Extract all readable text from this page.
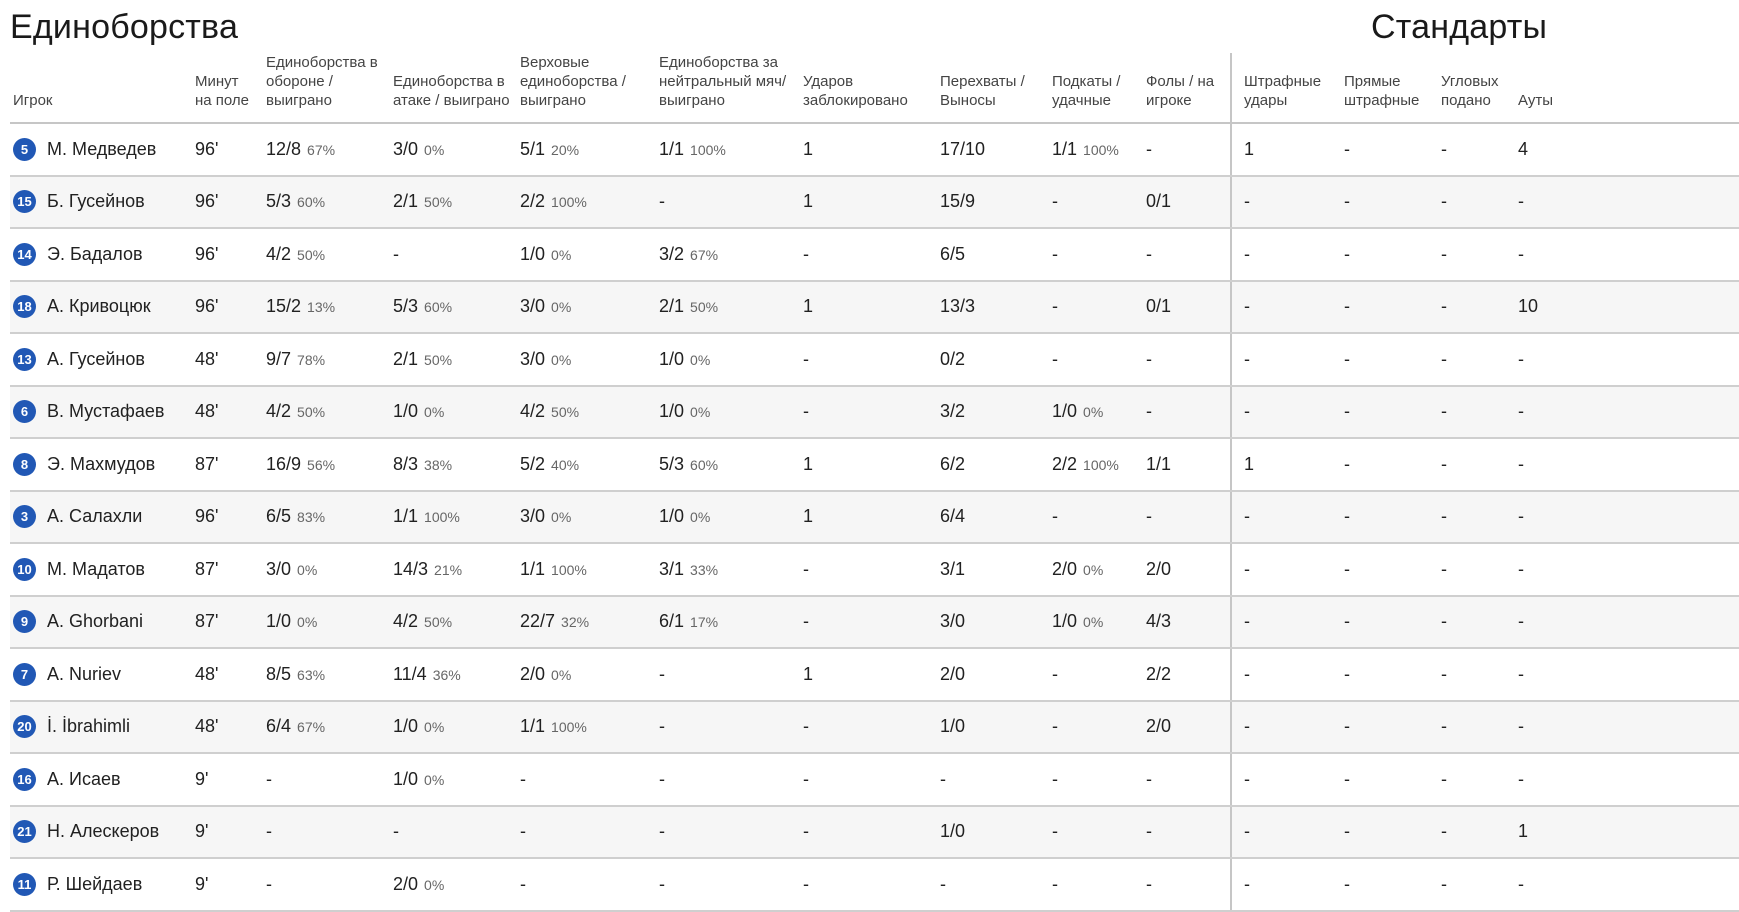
Единоборства	Стандарты
Игрок	Минут на поле	Единоборства в обороне / выиграно	Единоборства в атаке / выиграно	Верховые единоборства / выиграно	Единоборства за нейтральный мяч/выиграно	Ударов заблокировано	Перехваты / Выносы	Подкаты / удачные	Фолы / на игроке	Штрафные удары	Прямые штрафные	Угловых подано	Ауты
5 М. Медведев	96'	12/8 67%	3/0 0%	5/1 20%	1/1 100%	1	17/10	1/1 100%	-	1	-	-	4
15 Б. Гусейнов	96'	5/3 60%	2/1 50%	2/2 100%	-	1	15/9	-	0/1	-	-	-	-
14 Э. Бадалов	96'	4/2 50%	-	1/0 0%	3/2 67%	-	6/5	-	-	-	-	-	-
18 А. Кривоцюк	96'	15/2 13%	5/3 60%	3/0 0%	2/1 50%	1	13/3	-	0/1	-	-	-	10
13 А. Гусейнов	48'	9/7 78%	2/1 50%	3/0 0%	1/0 0%	-	0/2	-	-	-	-	-	-
6 В. Мустафаев	48'	4/2 50%	1/0 0%	4/2 50%	1/0 0%	-	3/2	1/0 0%	-	-	-	-	-
8 Э. Махмудов	87'	16/9 56%	8/3 38%	5/2 40%	5/3 60%	1	6/2	2/2 100%	1/1	1	-	-	-
3 А. Салахли	96'	6/5 83%	1/1 100%	3/0 0%	1/0 0%	1	6/4	-	-	-	-	-	-
10 М. Мадатов	87'	3/0 0%	14/3 21%	1/1 100%	3/1 33%	-	3/1	2/0 0%	2/0	-	-	-	-
9 A. Ghorbani	87'	1/0 0%	4/2 50%	22/7 32%	6/1 17%	-	3/0	1/0 0%	4/3	-	-	-	-
7 A. Nuriev	48'	8/5 63%	11/4 36%	2/0 0%	-	1	2/0	-	2/2	-	-	-	-
20 İ. İbrahimli	48'	6/4 67%	1/0 0%	1/1 100%	-	-	1/0	-	2/0	-	-	-	-
16 А. Исаев	9'	-	1/0 0%	-	-	-	-	-	-	-	-	-	-
21 Н. Алескеров	9'	-	-	-	-	-	1/0	-	-	-	-	-	1
11 Р. Шейдаев	9'	-	2/0 0%	-	-	-	-	-	-	-	-	-	-
